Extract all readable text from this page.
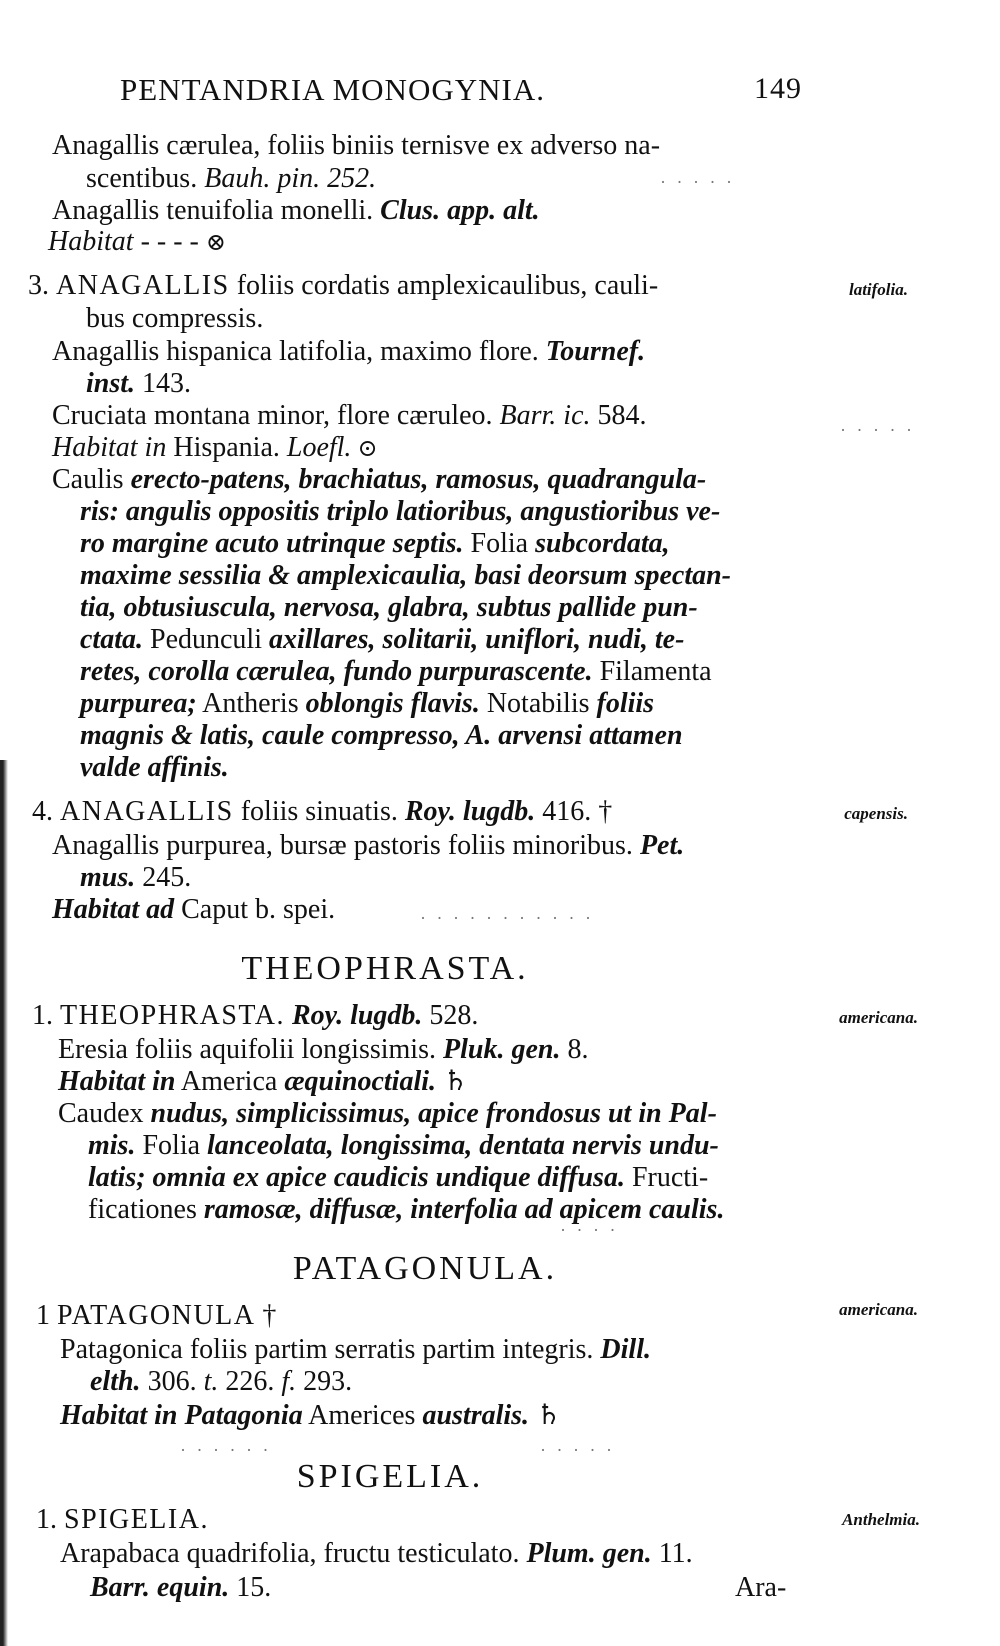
PENTANDRIA MONOGYNIA.	149
Anagallis cærulea, foliis biniis ternisve ex adverso na-
scentibus. Bauh. pin. 252.
Anagallis tenuifolia monelli. Clus. app. alt.
Habitat - - - - ⊗
3. ANAGALLIS foliis cordatis amplexicaulibus, cauli-	latifolia.
bus compressis.
Anagallis hispanica latifolia, maximo flore. Tournef.
inst. 143.
Cruciata montana minor, flore cæruleo. Barr. ic. 584.
Habitat in Hispania. Loefl. ⊙
Caulis erecto-patens, brachiatus, ramosus, quadrangula-
ris: angulis oppositis triplo latioribus, angustioribus ve-
ro margine acuto utrinque septis. Folia subcordata,
maxime sessilia & amplexicaulia, basi deorsum spectan-
tia, obtusiuscula, nervosa, glabra, subtus pallide pun-
ctata. Pedunculi axillares, solitarii, uniflori, nudi, te-
retes, corolla cærulea, fundo purpurascente. Filamenta
purpurea; Antheris oblongis flavis. Notabilis foliis
magnis & latis, caule compresso, A. arvensi attamen
valde affinis.
4. ANAGALLIS foliis sinuatis. Roy. lugdb. 416. †	capensis.
Anagallis purpurea, bursæ pastoris foliis minoribus. Pet.
mus. 245.
Habitat ad Caput b. spei.
THEOPHRASTA.
1. THEOPHRASTA. Roy. lugdb. 528.	americana.
Eresia foliis aquifolii longissimis. Pluk. gen. 8.
Habitat in America æquinoctiali. ♄
Caudex nudus, simplicissimus, apice frondosus ut in Pal-
mis. Folia lanceolata, longissima, dentata nervis undu-
latis; omnia ex apice caudicis undique diffusa. Fructi-
ficationes ramosæ, diffusæ, interfolia ad apicem caulis.
PATAGONULA.
1 PATAGONULA †	americana.
Patagonica foliis partim serratis partim integris. Dill.
elth. 306. t. 226. f. 293.
Habitat in Patagonia Americes australis. ♄
SPIGELIA.
1. SPIGELIA.	Anthelmia.
Arapabaca quadrifolia, fructu testiculato. Plum. gen. 11.
Barr. equin. 15.	Ara-
· · · · ·
· · · · ·
· · · · · · · · · · ·
· · · ·
· · · · · ·	· · · · ·
